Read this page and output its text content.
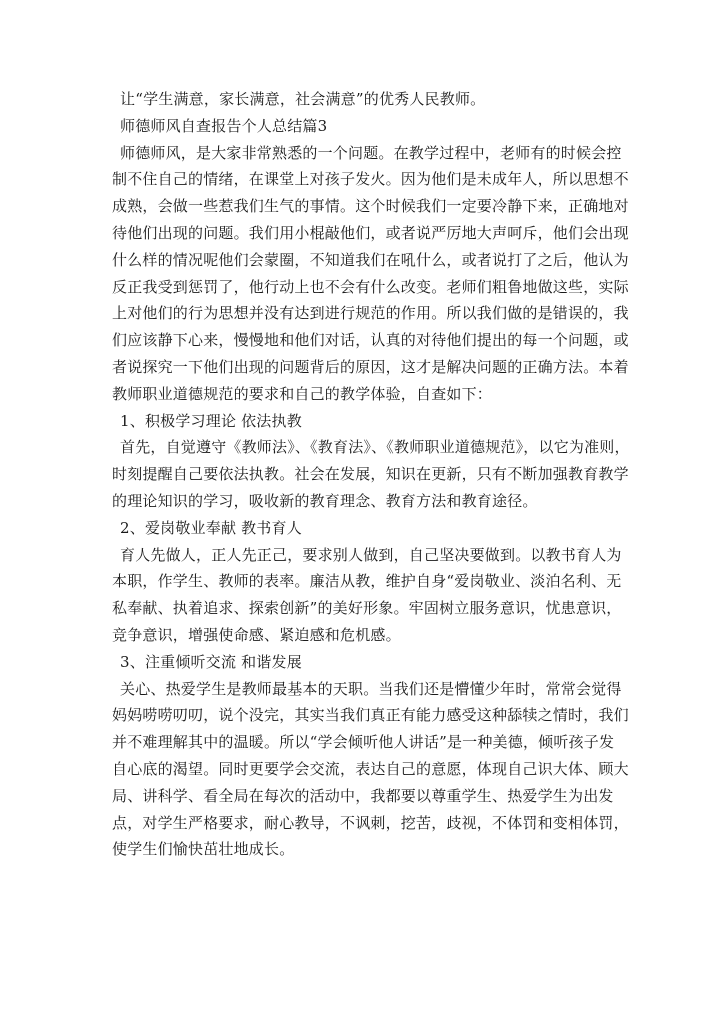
让“学生满意，家长满意，社会满意”的优秀人民教师。
师德师风自查报告个人总结篇3
师德师风，是大家非常熟悉的一个问题。在教学过程中，老师有的时候会控
制不住自己的情绪，在课堂上对孩子发火。因为他们是未成年人，所以思想不
成熟，会做一些惹我们生气的事情。这个时候我们一定要冷静下来，正确地对
待他们出现的问题。我们用小棍敲他们，或者说严厉地大声呵斥，他们会出现
什么样的情况呢他们会蒙圈，不知道我们在吼什么，或者说打了之后，他认为
反正我受到惩罚了，他行动上也不会有什么改变。老师们粗鲁地做这些，实际
上对他们的行为思想并没有达到进行规范的作用。所以我们做的是错误的，我
们应该静下心来，慢慢地和他们对话，认真的对待他们提出的每一个问题，或
者说探究一下他们出现的问题背后的原因，这才是解决问题的正确方法。本着
教师职业道德规范的要求和自己的教学体验，自查如下：
1、积极学习理论 依法执教
首先，自觉遵守《教师法》、《教育法》、《教师职业道德规范》，以它为准则，
时刻提醒自己要依法执教。社会在发展，知识在更新，只有不断加强教育教学
的理论知识的学习，吸收新的教育理念、教育方法和教育途径。
2、爱岗敬业奉献 教书育人
育人先做人，正人先正己，要求别人做到，自己坚决要做到。以教书育人为
本职，作学生、教师的表率。廉洁从教，维护自身“爱岗敬业、淡泊名利、无
私奉献、执着追求、探索创新”的美好形象。牢固树立服务意识，忧患意识，
竞争意识，增强使命感、紧迫感和危机感。
3、注重倾听交流 和谐发展
关心、热爱学生是教师最基本的天职。当我们还是懵懂少年时，常常会觉得
妈妈唠唠叨叨，说个没完，其实当我们真正有能力感受这种舔犊之情时，我们
并不难理解其中的温暖。所以“学会倾听他人讲话”是一种美德，倾听孩子发
自心底的渴望。同时更要学会交流，表达自己的意愿，体现自己识大体、顾大
局、讲科学、看全局在每次的活动中，我都要以尊重学生、热爱学生为出发
点，对学生严格要求，耐心教导，不讽刺，挖苦，歧视，不体罚和变相体罚，
使学生们愉快茁壮地成长。
